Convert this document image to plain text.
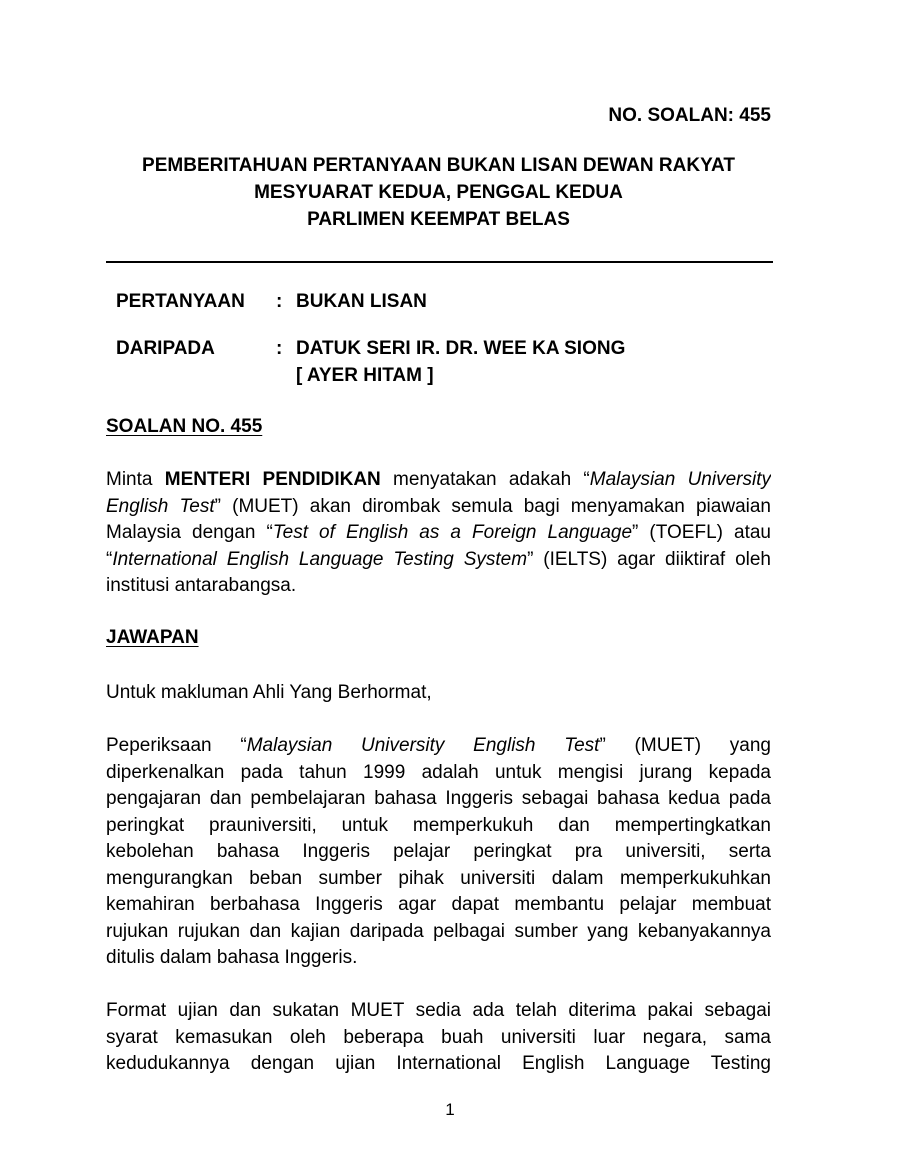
NO. SOALAN: 455
PEMBERITAHUAN PERTANYAAN BUKAN LISAN DEWAN RAKYAT
MESYUARAT KEDUA, PENGGAL KEDUA
PARLIMEN KEEMPAT BELAS
PERTANYAAN	: BUKAN LISAN
DARIPADA	: DATUK SERI IR. DR. WEE KA SIONG
[ AYER HITAM ]
SOALAN NO. 455
Minta MENTERI PENDIDIKAN menyatakan adakah “Malaysian University
English Test” (MUET) akan dirombak semula bagi menyamakan piawaian
Malaysia dengan “Test of English as a Foreign Language” (TOEFL) atau
“International English Language Testing System” (IELTS) agar diiktiraf oleh
institusi antarabangsa.
JAWAPAN
Untuk makluman Ahli Yang Berhormat,
Peperiksaan “Malaysian University English Test” (MUET) yang
diperkenalkan pada tahun 1999 adalah untuk mengisi jurang kepada
pengajaran dan pembelajaran bahasa Inggeris sebagai bahasa kedua pada
peringkat prauniversiti, untuk memperkukuh dan mempertingkatkan
kebolehan bahasa Inggeris pelajar peringkat pra universiti, serta
mengurangkan beban sumber pihak universiti dalam memperkukuhkan
kemahiran berbahasa Inggeris agar dapat membantu pelajar membuat
rujukan rujukan dan kajian daripada pelbagai sumber yang kebanyakannya
ditulis dalam bahasa Inggeris.
Format ujian dan sukatan MUET sedia ada telah diterima pakai sebagai
syarat kemasukan oleh beberapa buah universiti luar negara, sama
kedudukannya dengan ujian International English Language Testing
1
